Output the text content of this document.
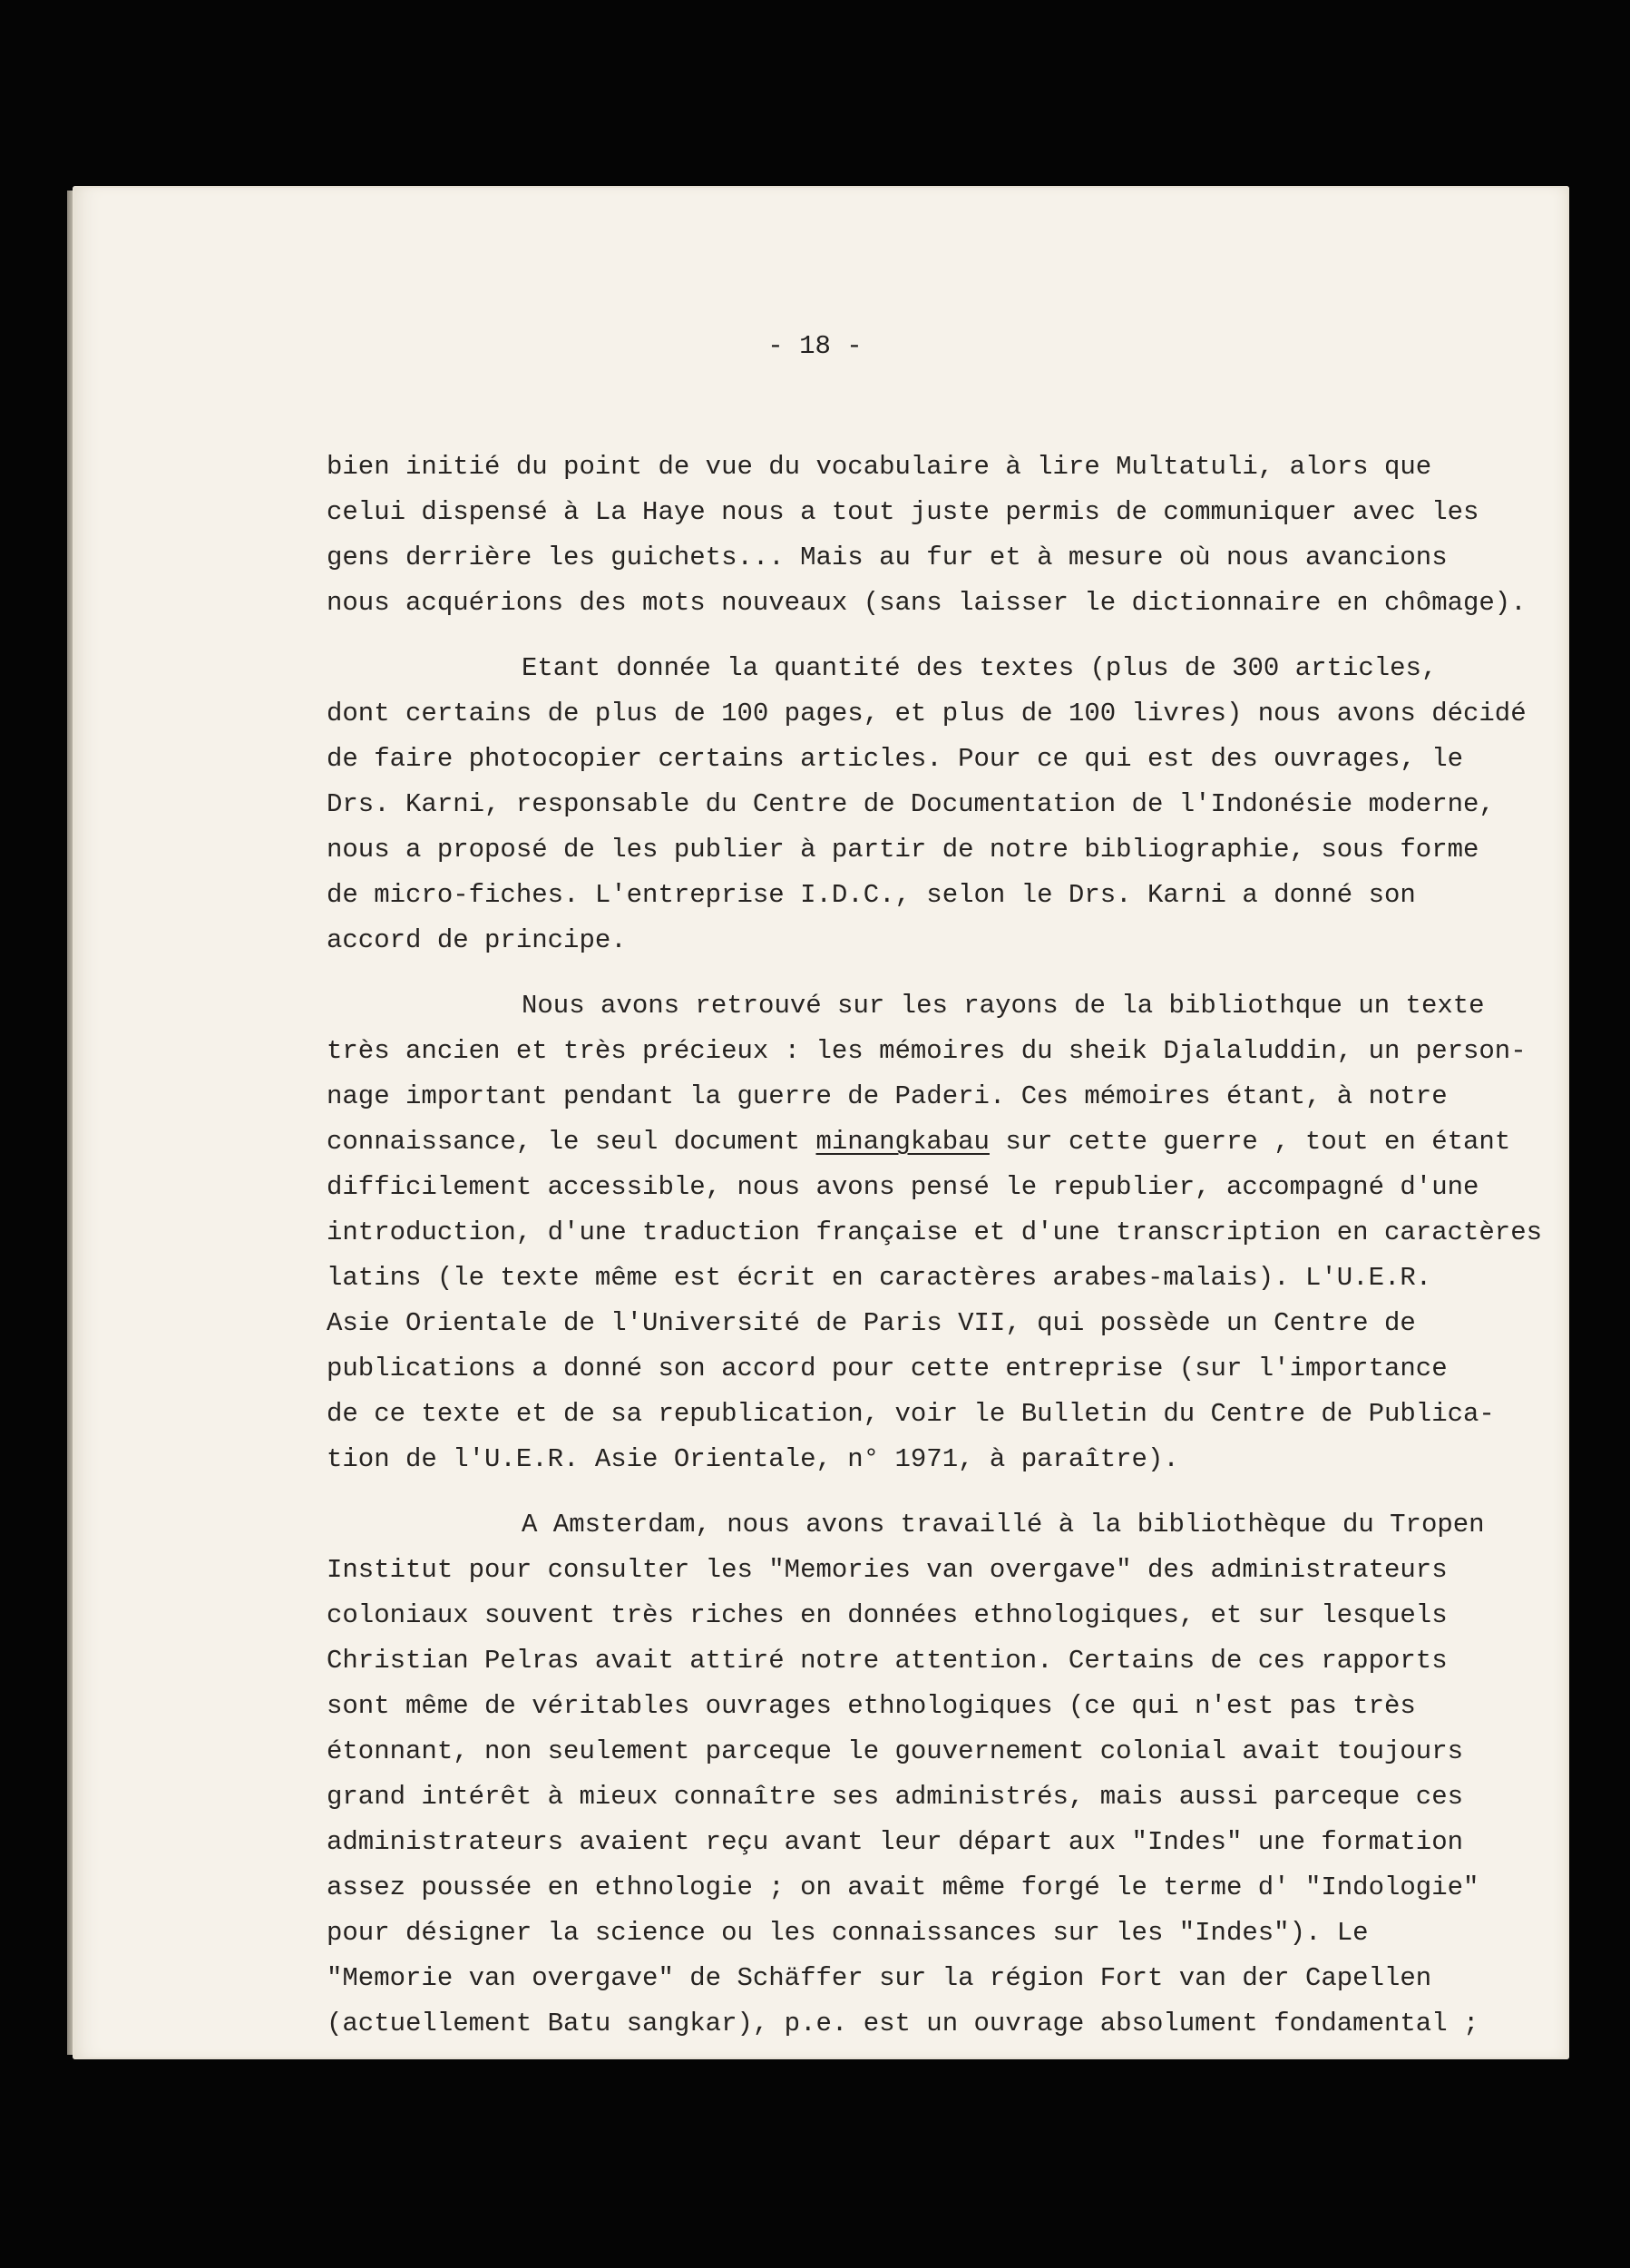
- 18 -
bien initié du point de vue du vocabulaire à lire Multatuli, alors que
celui dispensé à La Haye nous a tout juste permis de communiquer avec les
gens derrière les guichets... Mais au fur et à mesure où nous avancions
nous acquérions des mots nouveaux (sans laisser le dictionnaire en chômage).
Etant donnée la quantité des textes (plus de 300 articles,
dont certains de plus de 100 pages, et plus de 100 livres) nous avons décidé
de faire photocopier certains articles. Pour ce qui est des ouvrages, le
Drs. Karni, responsable du Centre de Documentation de l'Indonésie moderne,
nous a proposé de les publier à partir de notre bibliographie, sous forme
de micro-fiches. L'entreprise I.D.C., selon le Drs. Karni a donné son
accord de principe.
Nous avons retrouvé sur les rayons de la bibliothque un texte
très ancien et très précieux : les mémoires du sheik Djalaluddin, un person-
nage important pendant la guerre de Paderi. Ces mémoires étant, à notre
connaissance, le seul document minangkabau sur cette guerre , tout en étant
difficilement accessible, nous avons pensé le republier, accompagné d'une
introduction, d'une traduction française et d'une transcription en caractères
latins (le texte même est écrit en caractères arabes-malais). L'U.E.R.
Asie Orientale de l'Université de Paris VII, qui possède un Centre de
publications a donné son accord pour cette entreprise (sur l'importance
de ce texte et de sa republication, voir le Bulletin du Centre de Publica-
tion de l'U.E.R. Asie Orientale, n° 1971, à paraître).
A Amsterdam, nous avons travaillé à la bibliothèque du Tropen
Institut pour consulter les "Memories van overgave" des administrateurs
coloniaux souvent très riches en données ethnologiques, et sur lesquels
Christian Pelras avait attiré notre attention. Certains de ces rapports
sont même de véritables ouvrages ethnologiques (ce qui n'est pas très
étonnant, non seulement parceque le gouvernement colonial avait toujours
grand intérêt à mieux connaître ses administrés, mais aussi parceque ces
administrateurs avaient reçu avant leur départ aux "Indes" une formation
assez poussée en ethnologie ; on avait même forgé le terme d' "Indologie"
pour désigner la science ou les connaissances sur les "Indes"). Le
"Memorie van overgave" de Schäffer sur la région Fort van der Capellen
(actuellement Batu sangkar), p.e. est un ouvrage absolument fondamental ;
